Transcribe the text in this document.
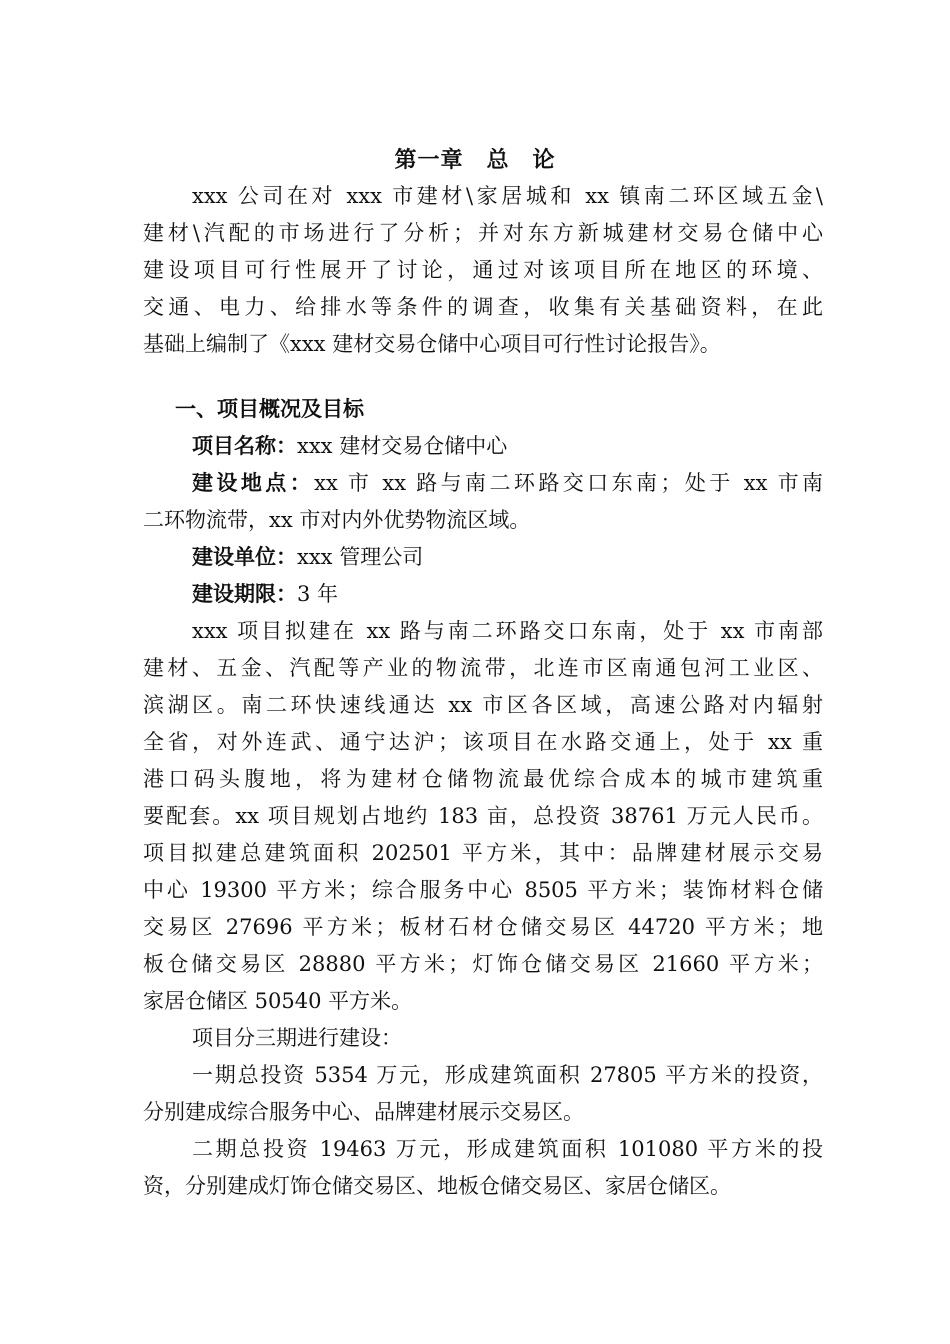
第一章　总　论
xxx 公司在对 xxx 市建材\家居城和 xx 镇南二环区域五金\
建材\汽配的市场进行了分析；并对东方新城建材交易仓储中心
建设项目可行性展开了讨论，通过对该项目所在地区的环境、
交通、电力、给排水等条件的调查，收集有关基础资料，在此
基础上编制了《xxx 建材交易仓储中心项目可行性讨论报告》。
一、项目概况及目标
项目名称：xxx 建材交易仓储中心
建设地点：xx 市 xx 路与南二环路交口东南；处于 xx 市南
二环物流带，xx 市对内外优势物流区域。
建设单位：xxx 管理公司
建设期限：3 年
xxx 项目拟建在 xx 路与南二环路交口东南，处于 xx 市南部
建材、五金、汽配等产业的物流带，北连市区南通包河工业区、
滨湖区。南二环快速线通达 xx 市区各区域，高速公路对内辐射
全省，对外连武、通宁达沪；该项目在水路交通上，处于 xx 重
港口码头腹地，将为建材仓储物流最优综合成本的城市建筑重
要配套。xx 项目规划占地约 183 亩，总投资 38761 万元人民币。
项目拟建总建筑面积 202501 平方米，其中：品牌建材展示交易
中心 19300 平方米；综合服务中心 8505 平方米；装饰材料仓储
交易区 27696 平方米；板材石材仓储交易区 44720 平方米；地
板仓储交易区 28880 平方米；灯饰仓储交易区 21660 平方米；
家居仓储区 50540 平方米。
项目分三期进行建设：
一期总投资 5354 万元，形成建筑面积 27805 平方米的投资，
分别建成综合服务中心、品牌建材展示交易区。
二期总投资 19463 万元，形成建筑面积 101080 平方米的投
资，分别建成灯饰仓储交易区、地板仓储交易区、家居仓储区。
